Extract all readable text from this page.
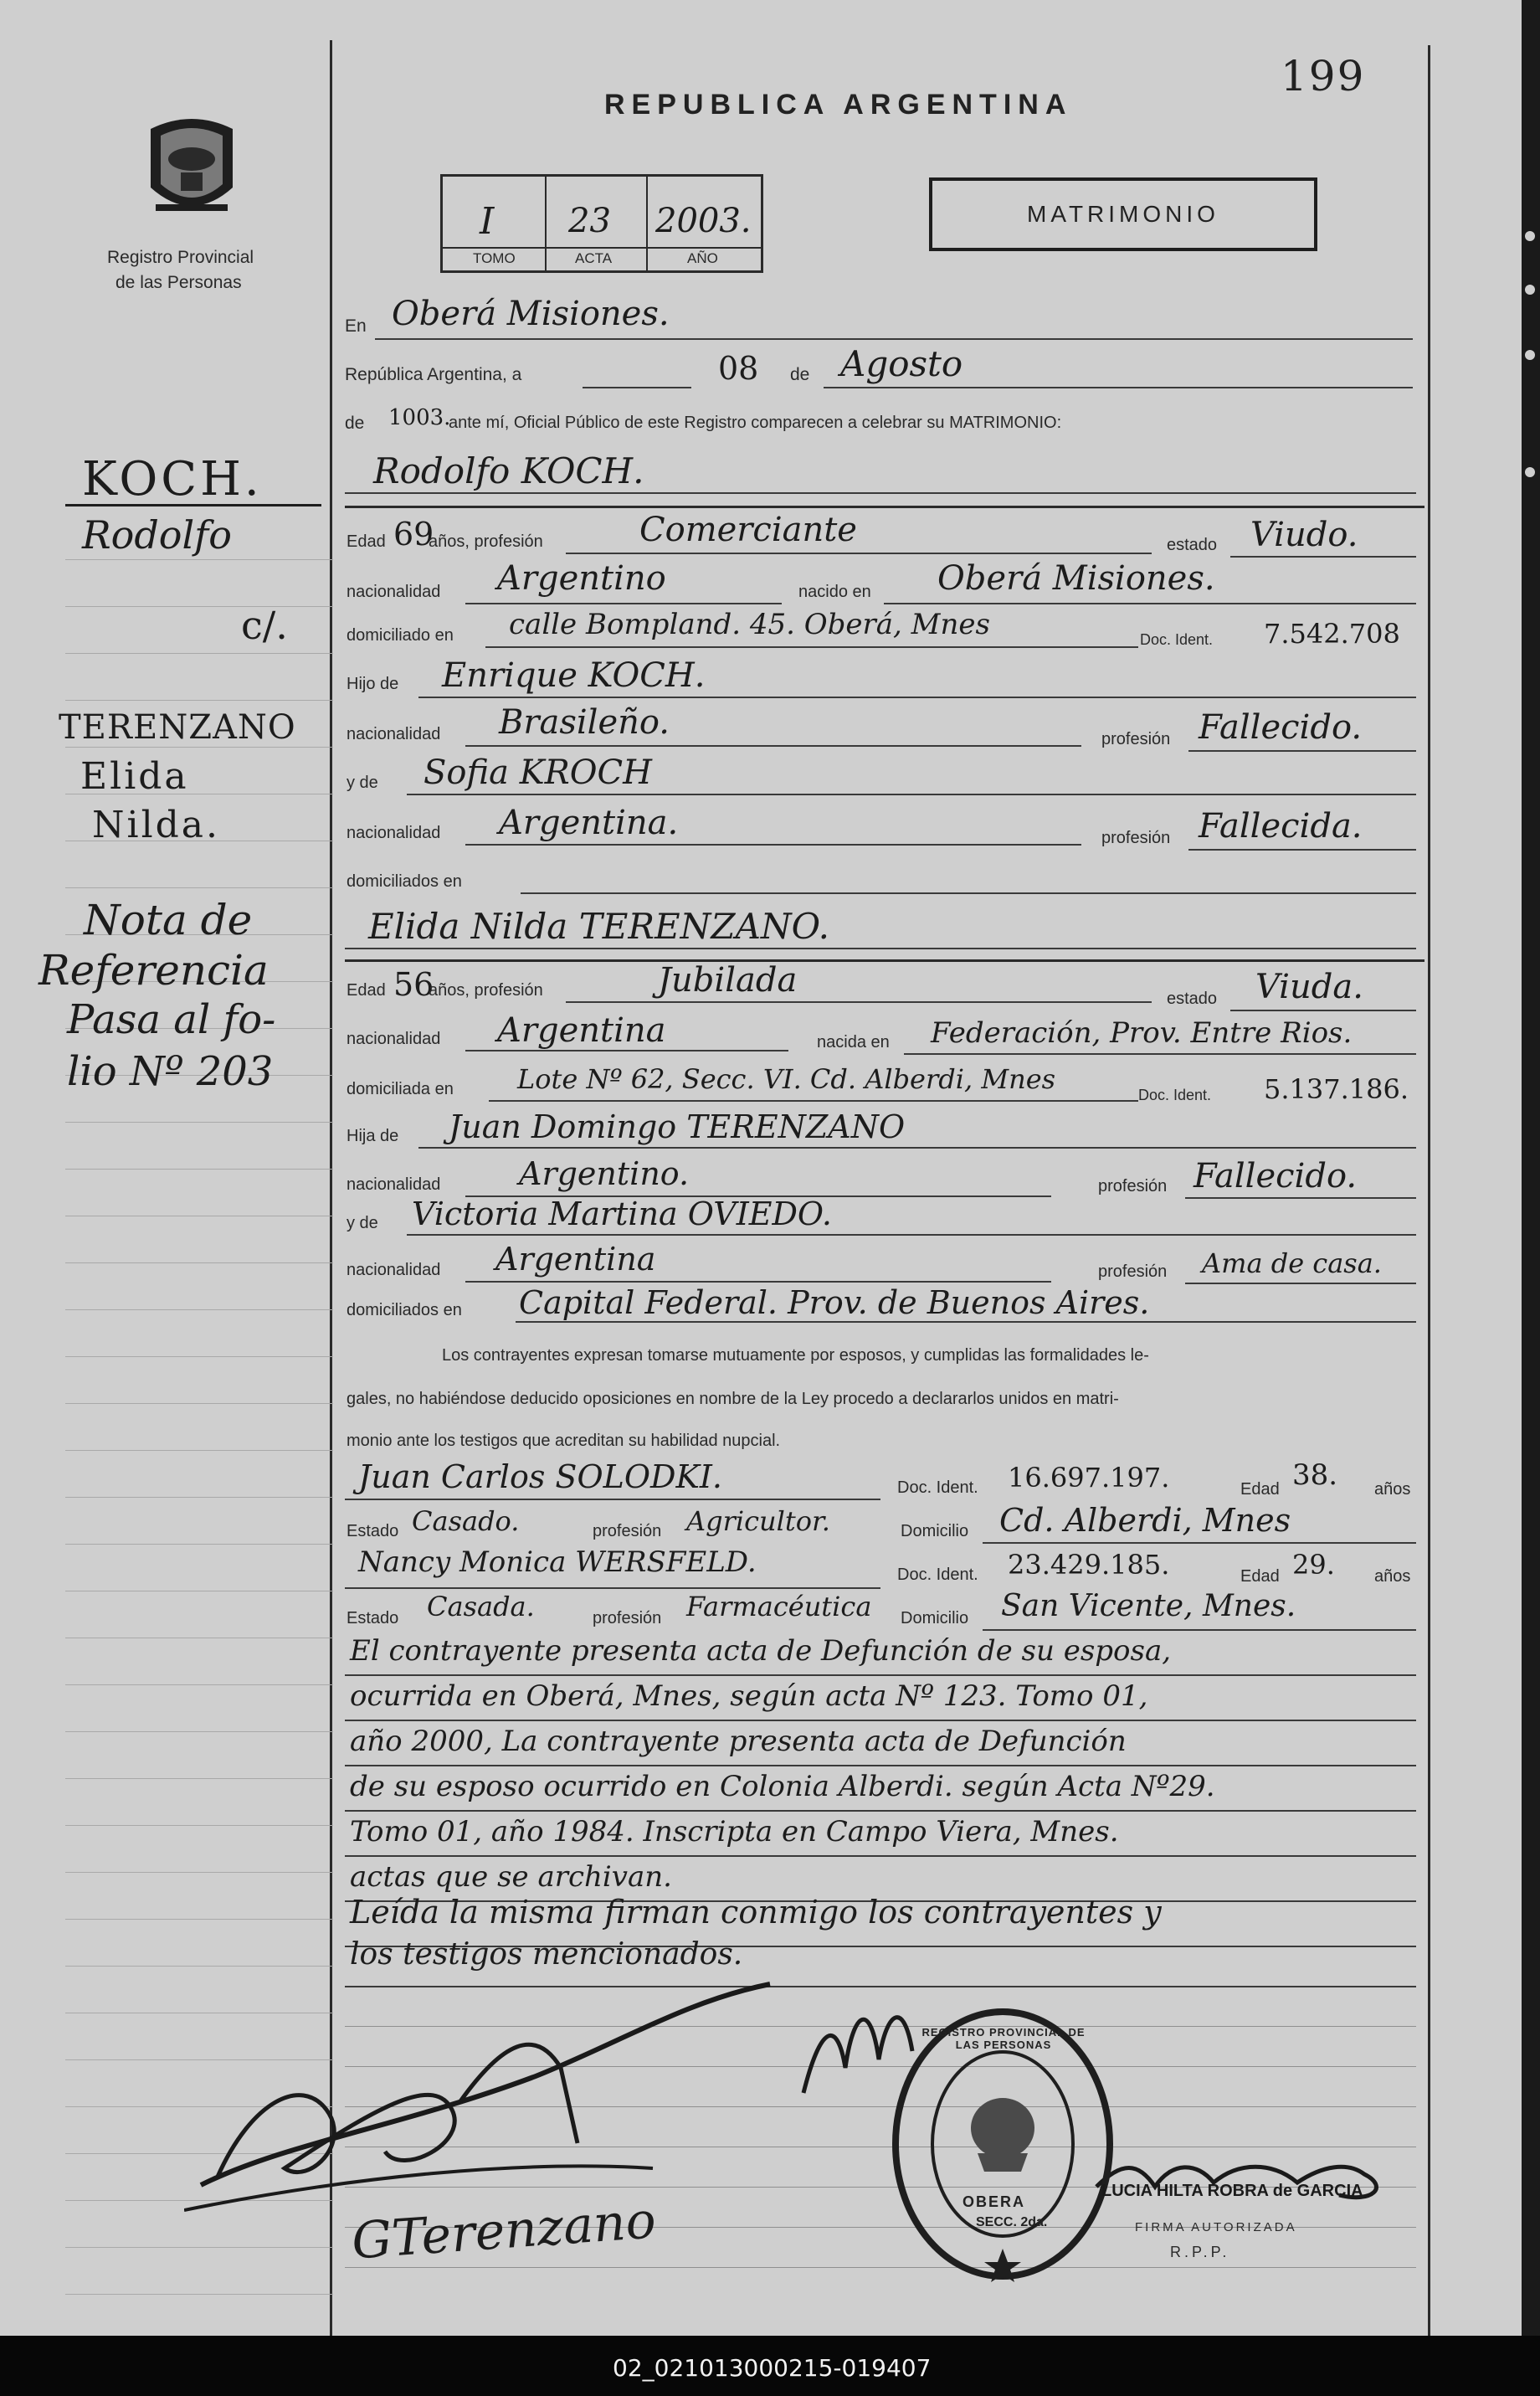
199
REPUBLICA ARGENTINA
Registro Provincial
de las Personas
I 23 2003.
TOMO	ACTA	AÑO
MATRIMONIO
KOCH.
Rodolfo
c/.
TERENZANO
Elida
Nilda.
Nota de
Referencia
Pasa al fo-
lio Nº 203
En Oberá Misiones.
República Argentina, a	08 de Agosto
de 1003.
ante mí, Oficial Público de este Registro comparecen a celebrar su MATRIMONIO:
Rodolfo KOCH.
Edad 69
años, profesión	Comerciante	estado Viudo.
nacionalidad Argentino	nacido en Oberá Misiones.
domiciliado en calle Bompland. 45. Oberá, Mnes	Doc. Ident. 7.542.708
Hijo de Enrique KOCH.
nacionalidad Brasileño.	profesión Fallecido.
y de Sofia KROCH
nacionalidad Argentina.	profesión Fallecida.
domiciliados en
Elida Nilda TERENZANO.
Edad 56
años, profesión	Jubilada	estado Viuda.
nacionalidad Argentina	nacida en Federación, Prov. Entre Rios.
domiciliada en Lote Nº 62, Secc. VI. Cd. Alberdi, Mnes	Doc. Ident. 5.137.186.
Hija de Juan Domingo TERENZANO
nacionalidad Argentino.	profesión Fallecido.
y de Victoria Martina OVIEDO.
nacionalidad Argentina	profesión Ama de casa.
domiciliados en Capital Federal. Prov. de Buenos Aires.
Los contrayentes expresan tomarse mutuamente por esposos, y cumplidas las formalidades le-
gales, no habiéndose deducido oposiciones en nombre de la Ley procedo a declararlos unidos en matri-
monio ante los testigos que acreditan su habilidad nupcial.
Juan Carlos SOLODKI.	Doc. Ident. 16.697.197.	Edad 38. años
Estado Casado.	profesión Agricultor.	Domicilio Cd. Alberdi, Mnes
Nancy Monica WERSFELD.	Doc. Ident. 23.429.185.	Edad 29. años
Estado Casada.	profesión Farmacéutica Domicilio San Vicente, Mnes.
El contrayente presenta acta de Defunción de su esposa,
ocurrida en Oberá, Mnes, según acta Nº 123. Tomo 01,
año 2000, La contrayente presenta acta de Defunción
de su esposo ocurrido en Colonia Alberdi. según Acta Nº29.
Tomo 01, año 1984. Inscripta en Campo Viera, Mnes.
actas que se archivan.
Leída la misma firman conmigo los contrayentes y
los testigos mencionados.
GTerenzano
REGISTRO PROVINCIAL DE LAS PERSONAS
OBERA
SECC. 2da.
LUCIA HILTA ROBRA de GARCIA
FIRMA AUTORIZADA
R.P.P.
02_021013000215-019407
